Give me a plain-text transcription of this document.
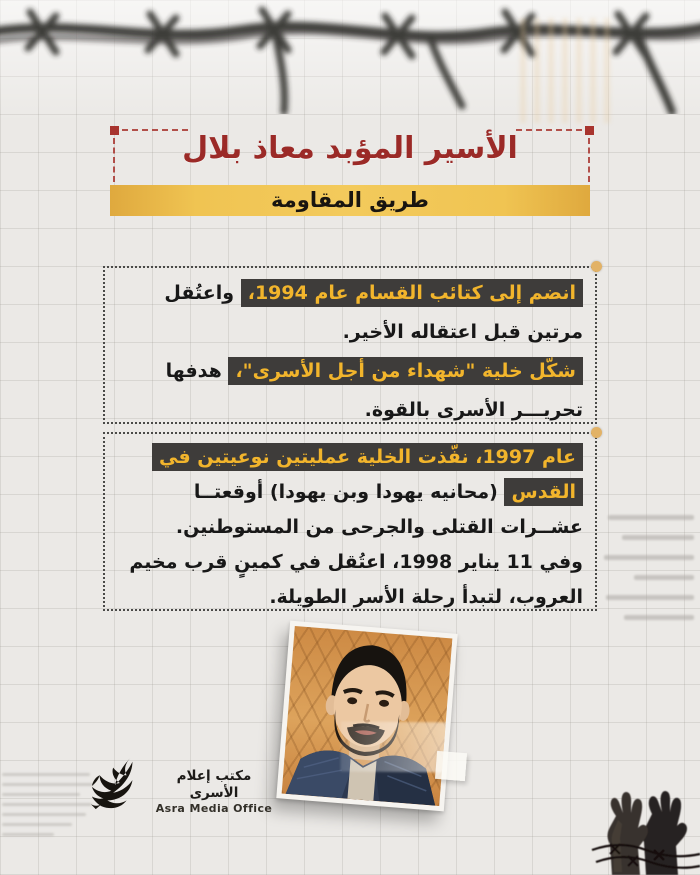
الأسير المؤبد معاذ بلال
طريق المقاومة
انضم إلى كتائب القسام عام 1994، واعتُقل مرتين قبل اعتقاله الأخير.
شكّل خلية "شهداء من أجل الأسرى"، هدفها تحريـــر الأسرى بالقوة.
عام 1997، نفّذت الخلية عمليتين نوعيتين في القدس (محانيه يهودا وبن يهودا) أوقعتــا عشــرات القتلى والجرحى من المستوطنين.
وفي 11 يناير 1998، اعتُقل في كمينٍ قرب مخيم العروب، لتبدأ رحلة الأسر الطويلة.
مكتب إعلام الأسرى
Asra Media Office
